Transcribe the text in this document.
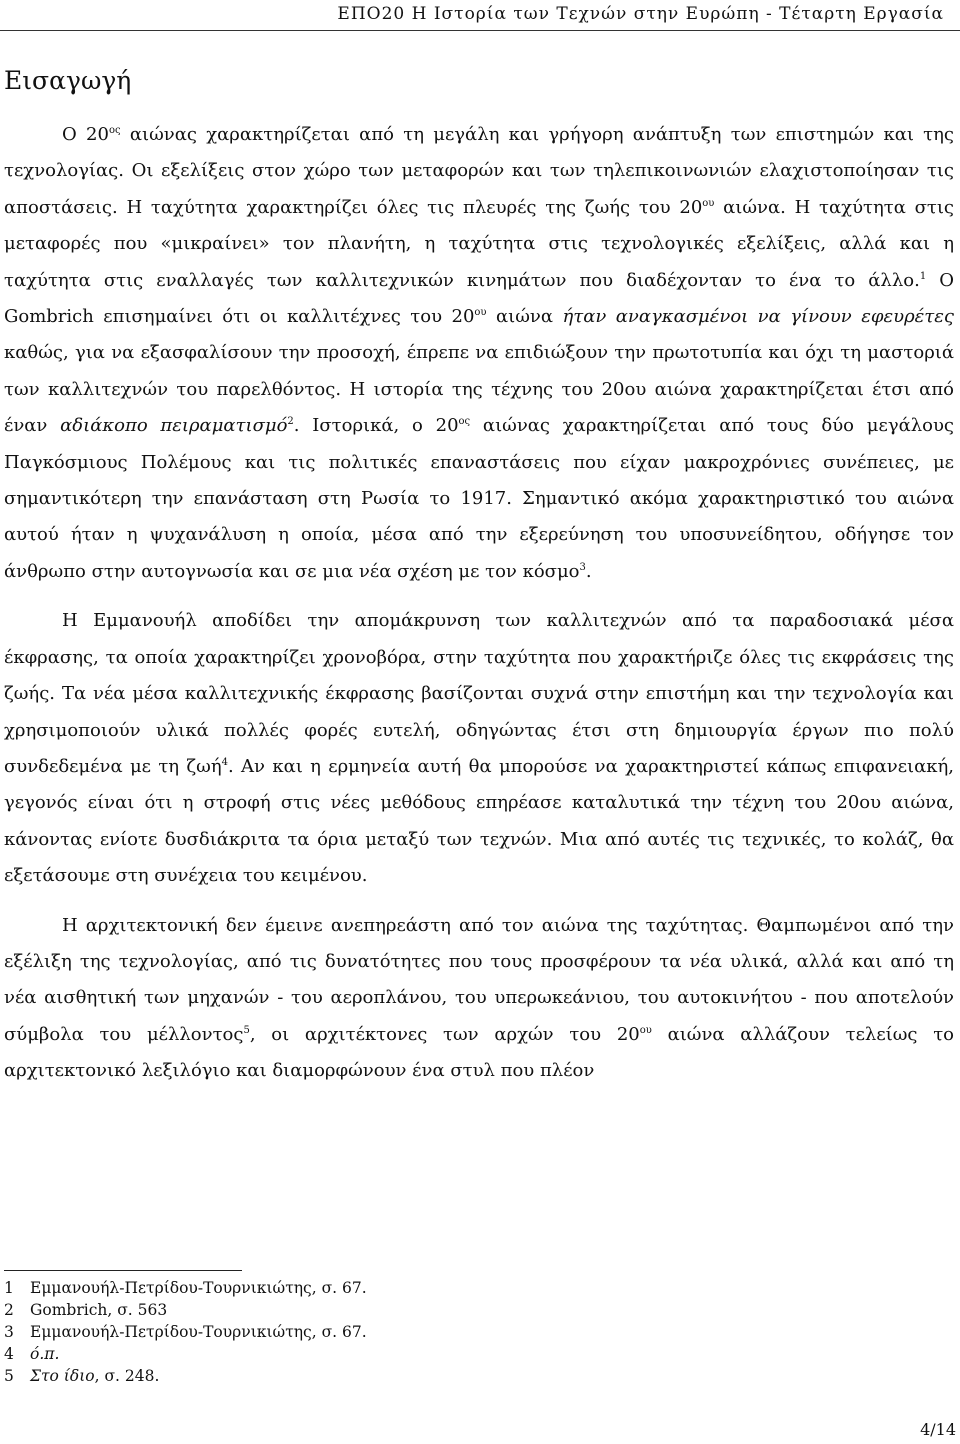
ΕΠΟ20 Η Ιστορία των Τεχνών στην Ευρώπη - Τέταρτη Εργασία
Εισαγωγή

Ο $20^{o\varsigma}$ αιώνας χαρακτηρίζεται από τη μεγάλη και γρήγορη ανάπτυξη των επιστημών και της τεχνολογίας. Οι εξελίξεις στον χώρο των μεταφορών και των τηλεπικοινωνιών ελαχιστοποίησαν τις αποστάσεις. Η ταχύτητα χαρακτηρίζει όλες τις πλευρές της ζωής του $20^{o\upsilon}$ αιώνα. Η ταχύτητα στις μεταφορές που «μικραίνει» τον πλανήτη, η ταχύτητα στις τεχνολογικές εξελίξεις, αλλά και η ταχύτητα στις εναλλαγές των καλλιτεχνικών κινημάτων που διαδέχονταν το ένα το άλλο.$^1$ Ο Gombrich επισημαίνει ότι οι καλλιτέχνες του $20^{o\upsilon}$ αιώνα ήταν αναγκασμένοι να γίνουν εφευρέτες καθώς, για να εξασφαλίσουν την προσοχή, έπρεπε να επιδιώξουν την πρωτοτυπία και όχι τη μαστοριά των καλλιτεχνών του παρελθόντος. Η ιστορία της τέχνης του 20ου αιώνα χαρακτηρίζεται έτσι από έναν αδιάκοπο πειραματισμό$^2$. Ιστορικά, ο $20^{o\varsigma}$ αιώνας χαρακτηρίζεται από τους δύο μεγάλους Παγκόσμιους Πολέμους και τις πολιτικές επαναστάσεις που είχαν μακροχρόνιες συνέπειες, με σημαντικότερη την επανάσταση στη Ρωσία το 1917. Σημαντικό ακόμα χαρακτηριστικό του αιώνα αυτού ήταν η ψυχανάλυση η οποία, μέσα από την εξερεύνηση του υποσυνείδητου, οδήγησε τον άνθρωπο στην αυτογνωσία και σε μια νέα σχέση με τον κόσμο$^3$.

Η Εμμανουήλ αποδίδει την απομάκρυνση των καλλιτεχνών από τα παραδοσιακά μέσα έκφρασης, τα οποία χαρακτηρίζει χρονοβόρα, στην ταχύτητα που χαρακτήριζε όλες τις εκφράσεις της ζωής. Τα νέα μέσα καλλιτεχνικής έκφρασης βασίζονται συχνά στην επιστήμη και την τεχνολογία και χρησιμοποιούν υλικά πολλές φορές ευτελή, οδηγώντας έτσι στη δημιουργία έργων πιο πολύ συνδεδεμένα με τη ζωή$^4$. Αν και η ερμηνεία αυτή θα μπορούσε να χαρακτηριστεί κάπως επιφανειακή, γεγονός είναι ότι η στροφή στις νέες μεθόδους επηρέασε καταλυτικά την τέχνη του 20ου αιώνα, κάνοντας ενίοτε δυσδιάκριτα τα όρια μεταξύ των τεχνών. Μια από αυτές τις τεχνικές, το κολάζ, θα εξετάσουμε στη συνέχεια του κειμένου.

Η αρχιτεκτονική δεν έμεινε ανεπηρεάστη από τον αιώνα της ταχύτητας. Θαμπωμένοι από την εξέλιξη της τεχνολογίας, από τις δυνατότητες που τους προσφέρουν τα νέα υλικά, αλλά και από τη νέα αισθητική των μηχανών - του αεροπλάνου, του υπερωκεάνιου, του αυτοκινήτου - που αποτελούν σύμβολα του μέλλοντος$^5$, οι αρχιτέκτονες των αρχών του $20^{o\upsilon}$ αιώνα αλλάζουν τελείως το αρχιτεκτονικό λεξιλόγιο και διαμορφώνουν ένα στυλ που πλέον

1 Εμμανουήλ-Πετρίδου-Τουρνικιώτης, σ. 67.
2 Gombrich, σ. 563
3 Εμμανουήλ-Πετρίδου-Τουρνικιώτης, σ. 67.
4 ό.π.
5 Στο ίδιο, σ. 248.
4/14
